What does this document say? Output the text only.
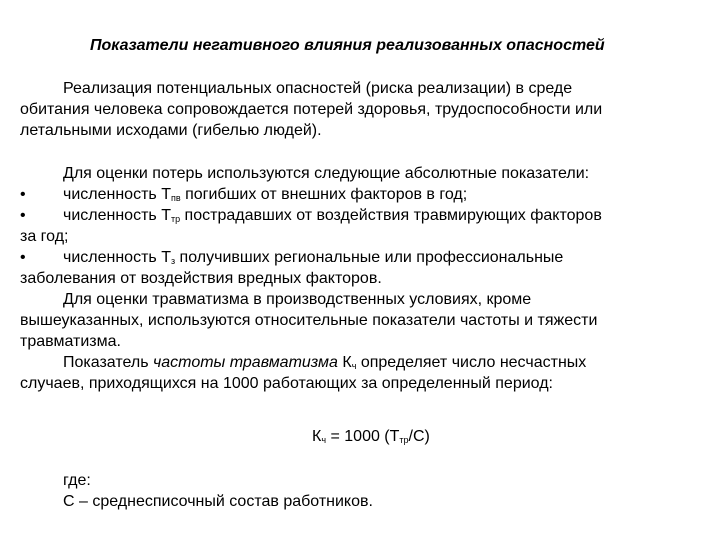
Показатели негативного влияния реализованных опасностей
Реализация потенциальных опасностей (риска реализации) в среде
обитания человека сопровождается потерей здоровья, трудоспособности или
летальными исходами (гибелью людей).
Для оценки потерь используются следующие абсолютные показатели:
• численность $Т_{пв}$ погибших от внешних факторов в год;
• численность $Т_{тр}$ пострадавших от воздействия травмирующих факторов
за год;
• численность $Т_з$ получивших региональные или профессиональные
заболевания от воздействия вредных факторов.
Для оценки травматизма в производственных условиях, кроме
вышеуказанных, используются относительные показатели частоты и тяжести
травматизма.
Показатель частоты травматизма $К_ч$ определяет число несчастных
случаев, приходящихся на 1000 работающих за определенный период:
$К_ч = 1000$ $(Т_{тр}/С)$
где:
С – среднесписочный состав работников.
